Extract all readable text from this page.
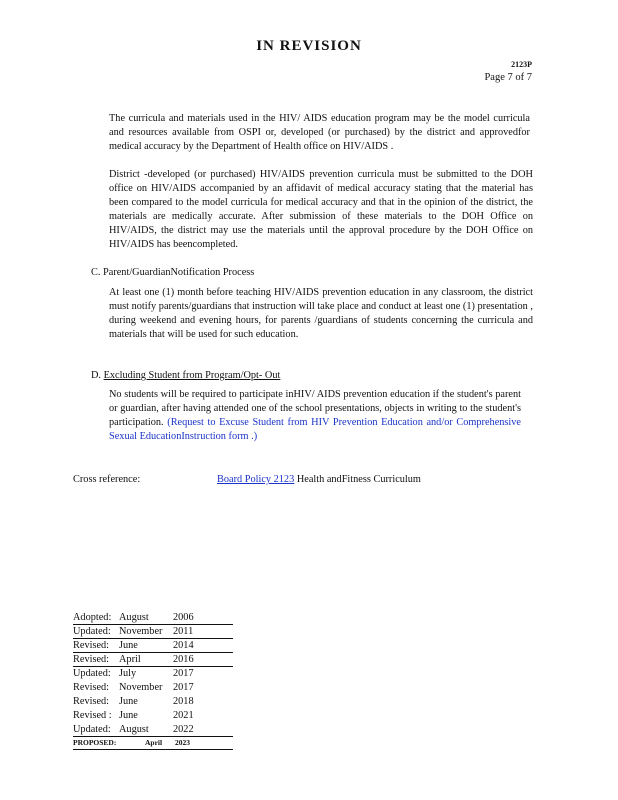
IN REVISION
2123P
Page 7 of 7

The curricula and materials used in the HIV/ AIDS education program may be the model curricula and resources available from OSPI or, developed (or purchased) by the district and approvedfor medical accuracy by the Department of Health office on HIV/AIDS .

District -developed (or purchased) HIV/AIDS prevention curricula must be submitted to the DOH office on HIV/AIDS accompanied by an affidavit of medical accuracy stating that the material has been compared to the model curricula for medical accuracy and that in the opinion of the district, the materials are medically accurate. After submission of these materials to the DOH Office on HIV/AIDS, the district may use the materials until the approval procedure by the DOH Office on HIV/AIDS has beencompleted.

C. Parent/GuardianNotification Process

At least one (1) month before teaching HIV/AIDS prevention education in any classroom, the district must notify parents/guardians that instruction will take place and conduct at least one (1) presentation , during weekend and evening hours, for parents /guardians of students concerning the curricula and materials that will be used for such education.

D. Excluding Student from Program/Opt- Out

No students will be required to participate inHIV/ AIDS prevention education if the student's parent or guardian, after having attended one of the school presentations, objects in writing to the student's participation. (Request to Excuse Student from HIV Prevention Education and/or Comprehensive Sexual EducationInstruction form .)

Cross reference:	Board Policy 2123 Health andFitness Curriculum
Adopted: August 2006
Updated: November 2011
Revised: June	2014
Revised: April	2016
Updated: July	2017
Revised: November 2017
Revised: June	2018
Revised : June	2021
Updated: August 2022
PROPOSED:	April 2023
